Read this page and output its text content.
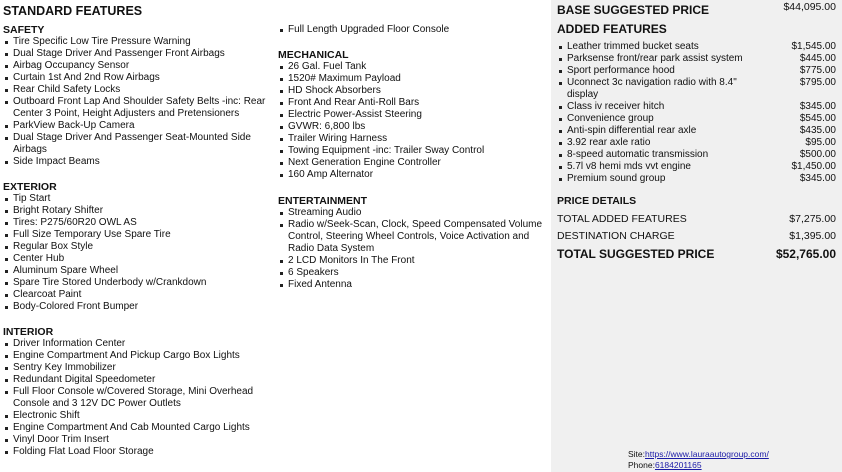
STANDARD FEATURES
SAFETY
Tire Specific Low Tire Pressure Warning
Dual Stage Driver And Passenger Front Airbags
Airbag Occupancy Sensor
Curtain 1st And 2nd Row Airbags
Rear Child Safety Locks
Outboard Front Lap And Shoulder Safety Belts -inc: Rear Center 3 Point, Height Adjusters and Pretensioners
ParkView Back-Up Camera
Dual Stage Driver And Passenger Seat-Mounted Side Airbags
Side Impact Beams
EXTERIOR
Tip Start
Bright Rotary Shifter
Tires: P275/60R20 OWL AS
Full Size Temporary Use Spare Tire
Regular Box Style
Center Hub
Aluminum Spare Wheel
Spare Tire Stored Underbody w/Crankdown
Clearcoat Paint
Body-Colored Front Bumper
INTERIOR
Driver Information Center
Engine Compartment And Pickup Cargo Box Lights
Sentry Key Immobilizer
Redundant Digital Speedometer
Full Floor Console w/Covered Storage, Mini Overhead Console and 3 12V DC Power Outlets
Electronic Shift
Engine Compartment And Cab Mounted Cargo Lights
Vinyl Door Trim Insert
Folding Flat Load Floor Storage
Full Length Upgraded Floor Console
MECHANICAL
26 Gal. Fuel Tank
1520# Maximum Payload
HD Shock Absorbers
Front And Rear Anti-Roll Bars
Electric Power-Assist Steering
GVWR: 6,800 lbs
Trailer Wiring Harness
Towing Equipment -inc: Trailer Sway Control
Next Generation Engine Controller
160 Amp Alternator
ENTERTAINMENT
Streaming Audio
Radio w/Seek-Scan, Clock, Speed Compensated Volume Control, Steering Wheel Controls, Voice Activation and Radio Data System
2 LCD Monitors In The Front
6 Speakers
Fixed Antenna
BASE SUGGESTED PRICE	$44,095.00
ADDED FEATURES
Leather trimmed bucket seats	$1,545.00
Parksense front/rear park assist system	$445.00
Sport performance hood	$775.00
Uconnect 3c navigation radio with 8.4" display
$795.00
Class iv receiver hitch	$345.00
Convenience group	$545.00
Anti-spin differential rear axle	$435.00
3.92 rear axle ratio	$95.00
8-speed automatic transmission	$500.00
5.7l v8 hemi mds vvt engine	$1,450.00
Premium sound group	$345.00
PRICE DETAILS
TOTAL ADDED FEATURES	$7,275.00
DESTINATION CHARGE	$1,395.00
TOTAL SUGGESTED PRICE	$52,765.00
Site:https://www.lauraautogroup.com/
Phone:6184201165
